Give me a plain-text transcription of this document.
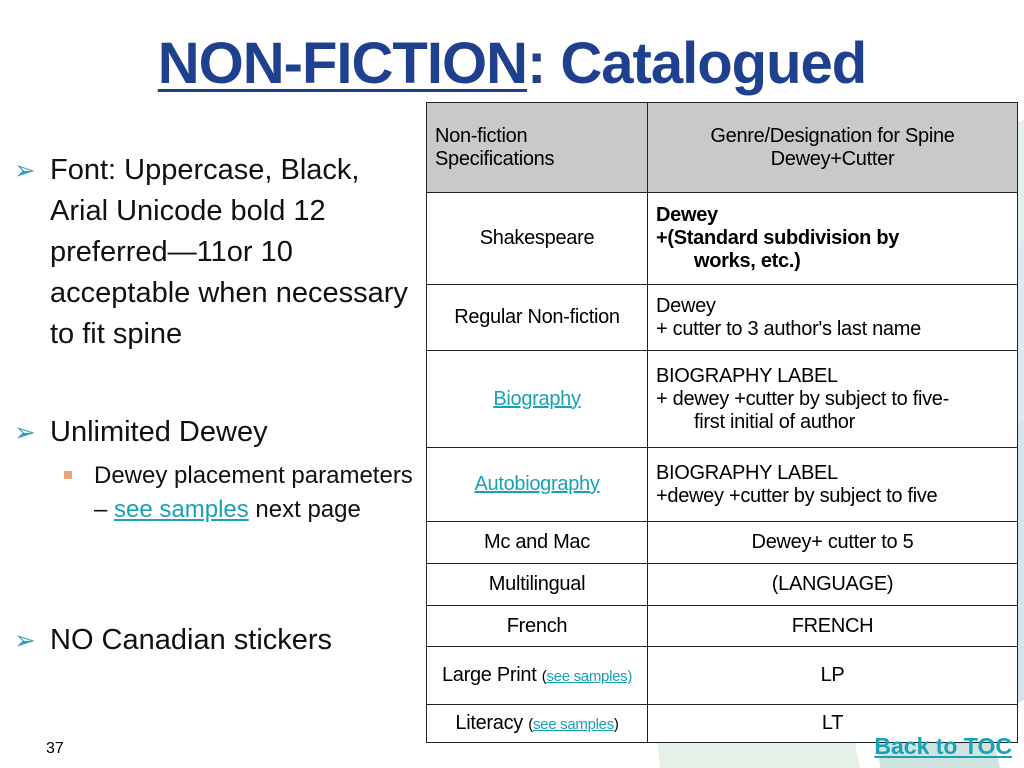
NON-FICTION: Catalogued
➢ Font: Uppercase, Black, Arial Unicode bold 12 preferred—11or 10 acceptable when necessary to fit spine
➢ Unlimited Dewey
➢ NO Canadian stickers
Dewey placement parameters – see samples next page
Non-fiction Specifications	Genre/Designation for Spine
Dewey+Cutter
Shakespeare	Dewey
+(Standard subdivision by
works, etc.)

Regular Non-fiction	Dewey
+ cutter to 3 author's last name
Biography	BIOGRAPHY LABEL
+ dewey +cutter by subject to five-
first initial of author

Autobiography	BIOGRAPHY LABEL
+dewey +cutter by subject to five
Mc and Mac	Dewey+ cutter to 5
Multilingual	(LANGUAGE)
French	FRENCH
Large Print (see samples)	LP
Literacy (see samples)	LT
37	Back to TOC
